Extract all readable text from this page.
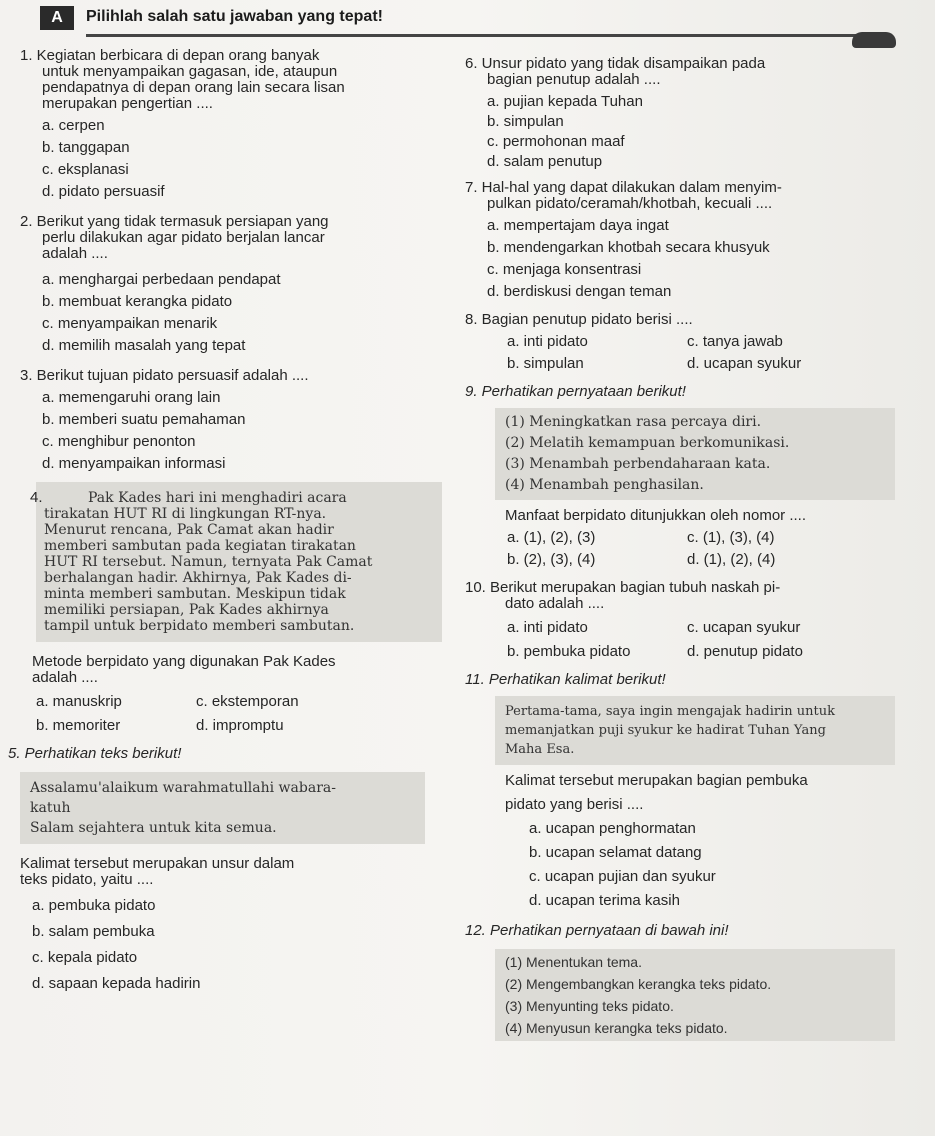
A	Pilihlah salah satu jawaban yang tepat!
1. Kegiatan berbicara di depan orang banyak
untuk menyampaikan gagasan, ide, ataupun
pendapatnya di depan orang lain secara lisan
merupakan pengertian ....
a. cerpen
b. tanggapan
c. eksplanasi
d. pidato persuasif
2. Berikut yang tidak termasuk persiapan yang
perlu dilakukan agar pidato berjalan lancar
adalah ....
a. menghargai perbedaan pendapat
b. membuat kerangka pidato
c. menyampaikan menarik
d. memilih masalah yang tepat
3. Berikut tujuan pidato persuasif adalah ....
a. memengaruhi orang lain
b. memberi suatu pemahaman
c. menghibur penonton
d. menyampaikan informasi
4.	Pak Kades hari ini menghadiri acara
tirakatan HUT RI di lingkungan RT-nya.
Menurut rencana, Pak Camat akan hadir
memberi sambutan pada kegiatan tirakatan
HUT RI tersebut. Namun, ternyata Pak Camat
berhalangan hadir. Akhirnya, Pak Kades di-
minta memberi sambutan. Meskipun tidak
memiliki persiapan, Pak Kades akhirnya
tampil untuk berpidato memberi sambutan.
Metode berpidato yang digunakan Pak Kades
adalah ....
a. manuskrip	c. ekstemporan
b. memoriter	d. impromptu
5. Perhatikan teks berikut!
Assalamu'alaikum warahmatullahi wabara-
katuh
Salam sejahtera untuk kita semua.
Kalimat tersebut merupakan unsur dalam
teks pidato, yaitu ....
a. pembuka pidato
b. salam pembuka
c. kepala pidato
d. sapaan kepada hadirin
6. Unsur pidato yang tidak disampaikan pada
bagian penutup adalah ....
a. pujian kepada Tuhan
b. simpulan
c. permohonan maaf
d. salam penutup
7. Hal-hal yang dapat dilakukan dalam menyim-
pulkan pidato/ceramah/khotbah, kecuali ....
a. mempertajam daya ingat
b. mendengarkan khotbah secara khusyuk
c. menjaga konsentrasi
d. berdiskusi dengan teman
8. Bagian penutup pidato berisi ....
a. inti pidato	c. tanya jawab
b. simpulan	d. ucapan syukur
9. Perhatikan pernyataan berikut!
(1) Meningkatkan rasa percaya diri.
(2) Melatih kemampuan berkomunikasi.
(3) Menambah perbendaharaan kata.
(4) Menambah penghasilan.
Manfaat berpidato ditunjukkan oleh nomor ....
a. (1), (2), (3)	c. (1), (3), (4)
b. (2), (3), (4)	d. (1), (2), (4)
10. Berikut merupakan bagian tubuh naskah pi-
dato adalah ....
a. inti pidato	c. ucapan syukur
b. pembuka pidato	d. penutup pidato
11. Perhatikan kalimat berikut!
Pertama-tama, saya ingin mengajak hadirin untuk
memanjatkan puji syukur ke hadirat Tuhan Yang
Maha Esa.
Kalimat tersebut merupakan bagian pembuka
pidato yang berisi ....
a. ucapan penghormatan
b. ucapan selamat datang
c. ucapan pujian dan syukur
d. ucapan terima kasih
12. Perhatikan pernyataan di bawah ini!
(1) Menentukan tema.
(2) Mengembangkan kerangka teks pidato.
(3) Menyunting teks pidato.
(4) Menyusun kerangka teks pidato.
